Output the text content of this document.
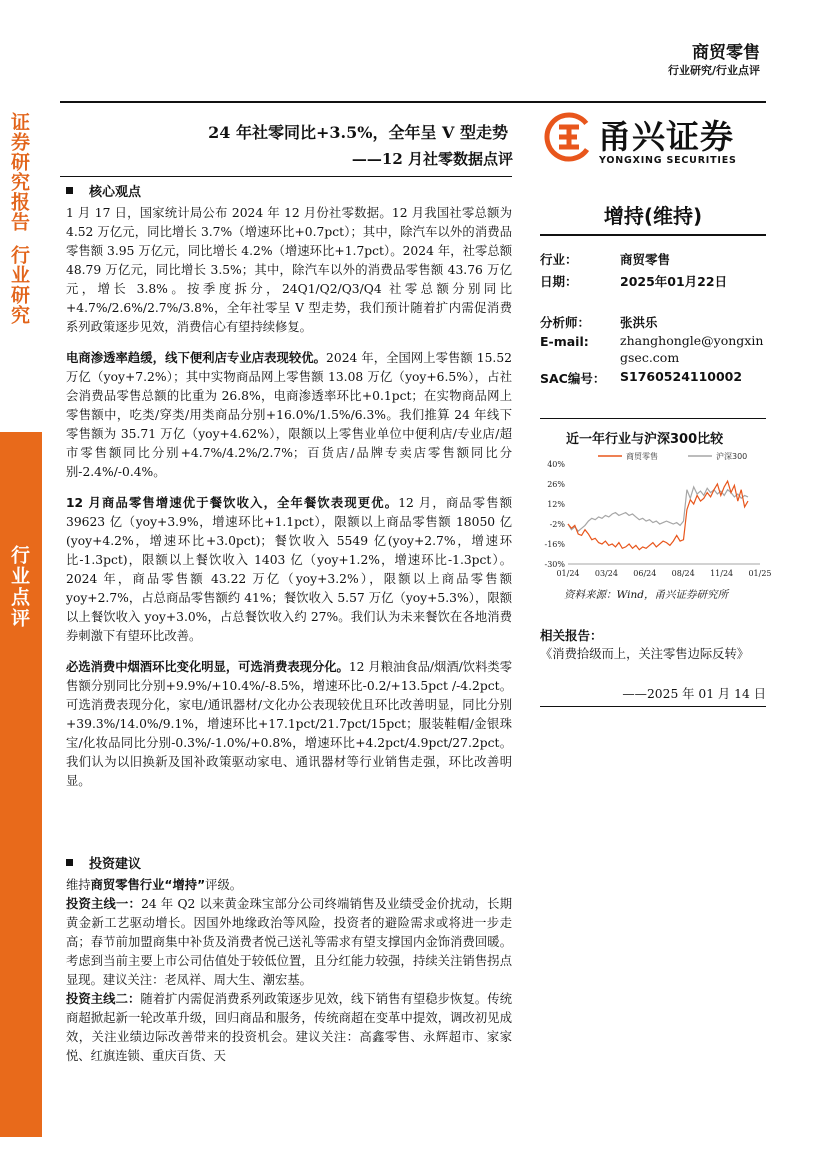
商贸零售
行业研究/行业点评
证券研究报告
行业研究
行业点评
24 年社零同比+3.5%，全年呈 V 型走势
——12 月社零数据点评
甬兴证券
YONGXING SECURITIES
核心观点

1 月 17 日，国家统计局公布 2024 年 12 月份社零数据。12 月我国社零总额为 4.52 万亿元，同比增长 3.7%（增速环比+0.7pct）；其中，除汽车以外的消费品零售额 3.95 万亿元，同比增长 4.2%（增速环比+1.7pct）。2024 年，社零总额 48.79 万亿元，同比增长 3.5%；其中，除汽车以外的消费品零售额 43.76 万亿元，增长 3.8%。按季度拆分，24Q1/Q2/Q3/Q4 社零总额分别同比+4.7%/2.6%/2.7%/3.8%，全年社零呈 V 型走势，我们预计随着扩内需促消费系列政策逐步见效，消费信心有望持续修复。

电商渗透率趋缓，线下便利店专业店表现较优。2024 年，全国网上零售额 15.52 万亿（yoy+7.2%）；其中实物商品网上零售额 13.08 万亿（yoy+6.5%），占社会消费品零售总额的比重为 26.8%，电商渗透率环比+0.1pct；在实物商品网上零售额中，吃类/穿类/用类商品分别+16.0%/1.5%/6.3%。我们推算 24 年线下零售额为 35.71 万亿（yoy+4.62%），限额以上零售业单位中便利店/专业店/超市零售额同比分别+4.7%/4.2%/2.7%；百货店/品牌专卖店零售额同比分别-2.4%/-0.4%。

12 月商品零售增速优于餐饮收入，全年餐饮表现更优。12 月，商品零售额 39623 亿（yoy+3.9%，增速环比+1.1pct），限额以上商品零售额 18050 亿(yoy+4.2%，增速环比+3.0pct)；餐饮收入 5549 亿(yoy+2.7%，增速环比-1.3pct)，限额以上餐饮收入 1403 亿（yoy+1.2%，增速环比-1.3pct）。2024 年，商品零售额 43.22 万亿（yoy+3.2%），限额以上商品零售额 yoy+2.7%，占总商品零售额约 41%；餐饮收入 5.57 万亿（yoy+5.3%），限额以上餐饮收入 yoy+3.0%，占总餐饮收入约 27%。我们认为未来餐饮在各地消费券刺激下有望环比改善。

必选消费中烟酒环比变化明显，可选消费表现分化。12 月粮油食品/烟酒/饮料类零售额分别同比分别+9.9%/+10.4%/-8.5%，增速环比-0.2/+13.5pct /-4.2pct。可选消费表现分化，家电/通讯器材/文化办公表现较优且环比改善明显，同比分别+39.3%/14.0%/9.1%，增速环比+17.1pct/21.7pct/15pct；服装鞋帽/金银珠宝/化妆品同比分别-0.3%/-1.0%/+0.8%，增速环比+4.2pct/4.9pct/27.2pct。我们认为以旧换新及国补政策驱动家电、通讯器材等行业销售走强，环比改善明显。

投资建议

维持商贸零售行业“增持”评级。

投资主线一：24 年 Q2 以来黄金珠宝部分公司终端销售及业绩受金价扰动，长期黄金新工艺驱动增长。因国外地缘政治等风险，投资者的避险需求或将进一步走高；春节前加盟商集中补货及消费者悦己送礼等需求有望支撑国内金饰消费回暖。考虑到当前主要上市公司估值处于较低位置，且分红能力较强，持续关注销售拐点显现。建议关注：老凤祥、周大生、潮宏基。

投资主线二：随着扩内需促消费系列政策逐步见效，线下销售有望稳步恢复。传统商超掀起新一轮改革升级，回归商品和服务，传统商超在变革中提效，调改初见成效，关注业绩边际改善带来的投资机会。建议关注：高鑫零售、永辉超市、家家悦、红旗连锁、重庆百货、天

增持(维持)
行业：	商贸零售
日期：	2025年01月22日
分析师： 张洪乐
E-mail: zhanghongle@yongxin
gsec.com
SAC编号： S1760524110002
近一年行业与沪深300比较
40%
26%
12%
-2%
-16%
-30%
01/24 03/24 06/24 08/24 11/24 01/25
商贸零售	沪深300
资料来源：Wind，甬兴证券研究所
相关报告：
《消费拾级而上，关注零售边际反转》
——2025 年 01 月 14 日
